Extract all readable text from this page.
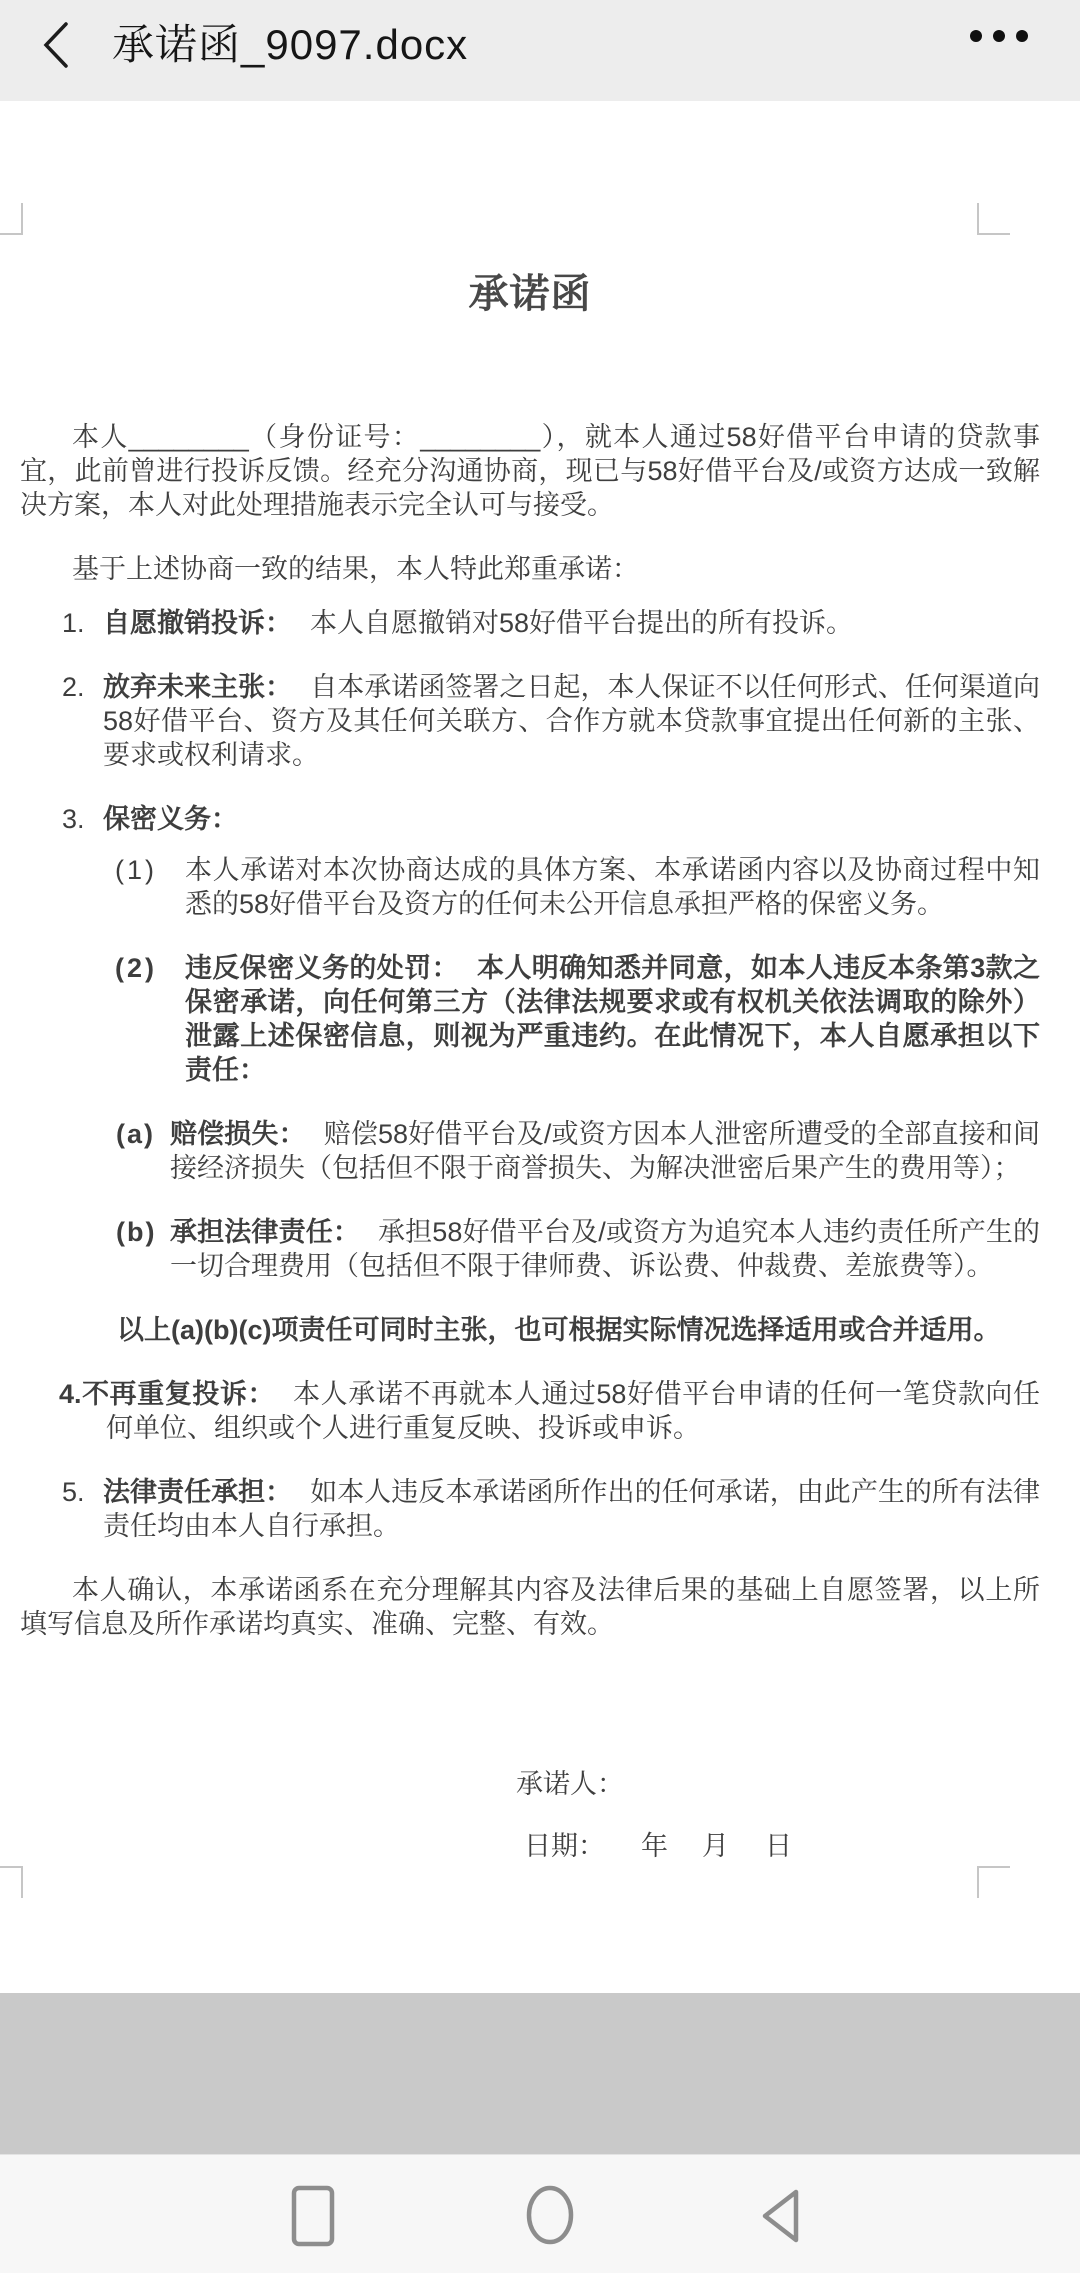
承诺函_9097.docx
承诺函

本人________（身份证号：________），就本人通过58好借平台申请的贷款事宜，此前曾进行投诉反馈。经充分沟通协商，现已与58好借平台及/或资方达成一致解决方案，本人对此处理措施表示完全认可与接受。

基于上述协商一致的结果，本人特此郑重承诺：

1. 自愿撤销投诉： 本人自愿撤销对58好借平台提出的所有投诉。

2. 放弃未来主张： 自本承诺函签署之日起，本人保证不以任何形式、任何渠道向58好借平台、资方及其任何关联方、合作方就本贷款事宜提出任何新的主张、要求或权利请求。

3. 保密义务：

(1) 本人承诺对本次协商达成的具体方案、本承诺函内容以及协商过程中知悉的58好借平台及资方的任何未公开信息承担严格的保密义务。

(2) 违反保密义务的处罚： 本人明确知悉并同意，如本人违反本条第3款之保密承诺，向任何第三方（法律法规要求或有权机关依法调取的除外）泄露上述保密信息，则视为严重违约。在此情况下，本人自愿承担以下责任：

(a) 赔偿损失： 赔偿58好借平台及/或资方因本人泄密所遭受的全部直接和间接经济损失（包括但不限于商誉损失、为解决泄密后果产生的费用等）；

(b) 承担法律责任： 承担58好借平台及/或资方为追究本人违约责任所产生的一切合理费用（包括但不限于律师费、诉讼费、仲裁费、差旅费等）。

以上(a)(b)(c)项责任可同时主张，也可根据实际情况选择适用或合并适用。

4.不再重复投诉： 本人承诺不再就本人通过58好借平台申请的任何一笔贷款向任何单位、组织或个人进行重复反映、投诉或申诉。

5. 法律责任承担： 如本人违反本承诺函所作出的任何承诺，由此产生的所有法律责任均由本人自行承担。

本人确认，本承诺函系在充分理解其内容及法律后果的基础上自愿签署，以上所填写信息及所作承诺均真实、准确、完整、有效。

承诺人：

日期： 年 月 日
